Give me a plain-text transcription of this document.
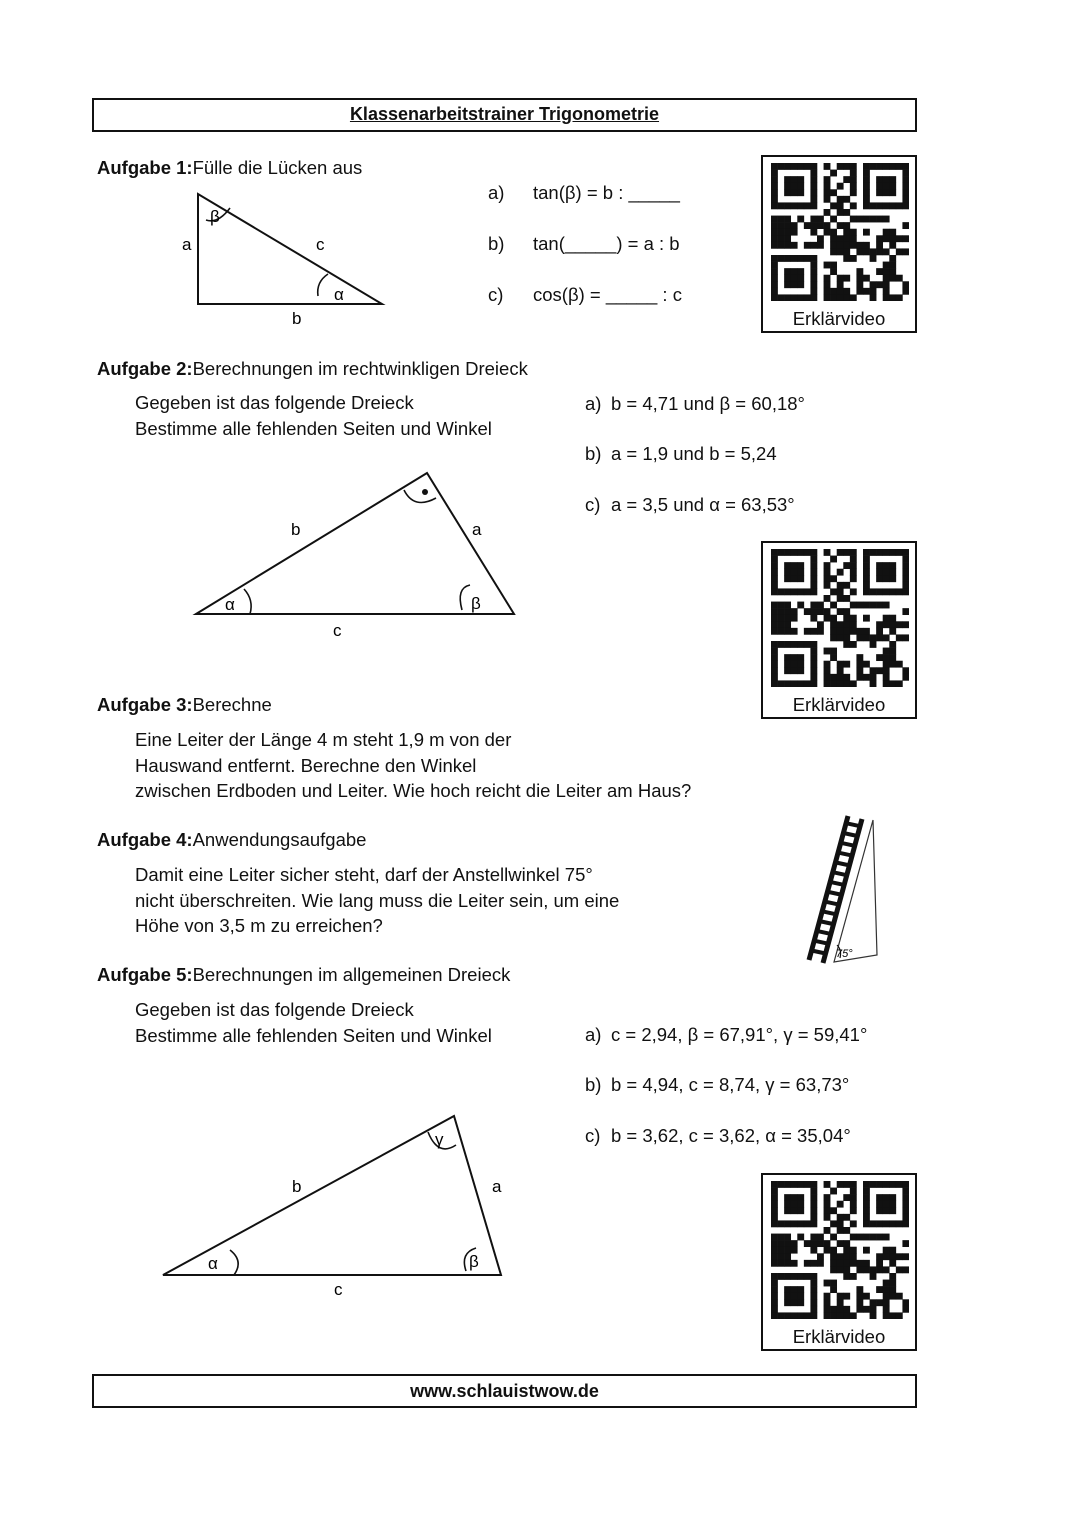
Klassenarbeitstrainer Trigonometrie
Aufgabe 1:Fülle die Lücken aus
β
α
a	c
b
a) tan(β) = b : _____
b) tan(_____) = a : b
c) cos(β) = _____ : c
Erklärvideo
Aufgabe 2:Berechnungen im rechtwinkligen Dreieck
Gegeben ist das folgende Dreieck
Bestimme alle fehlenden Seiten und Winkel
a) b = 4,71 und β = 60,18°
b) a = 1,9 und b = 5,24
c) a = 3,5 und α = 63,53°
α	β
b	a
c
Erklärvideo
Aufgabe 3:Berechne
Eine Leiter der Länge 4 m steht 1,9 m von der
Hauswand entfernt. Berechne den Winkel
zwischen Erdboden und Leiter. Wie hoch reicht die Leiter am Haus?
Aufgabe 4:Anwendungsaufgabe
Damit eine Leiter sicher steht, darf der Anstellwinkel 75°
nicht überschreiten. Wie lang muss die Leiter sein, um eine
Höhe von 3,5 m zu erreichen?
75°
Aufgabe 5:Berechnungen im allgemeinen Dreieck
Gegeben ist das folgende Dreieck
Bestimme alle fehlenden Seiten und Winkel	a) c = 2,94, β = 67,91°, γ = 59,41°
b) b = 4,94, c = 8,74, γ = 63,73°
c) b = 3,62, c = 3,62, α = 35,04°
γ
α	β
b	a
c
Erklärvideo
www.schlauistwow.de
